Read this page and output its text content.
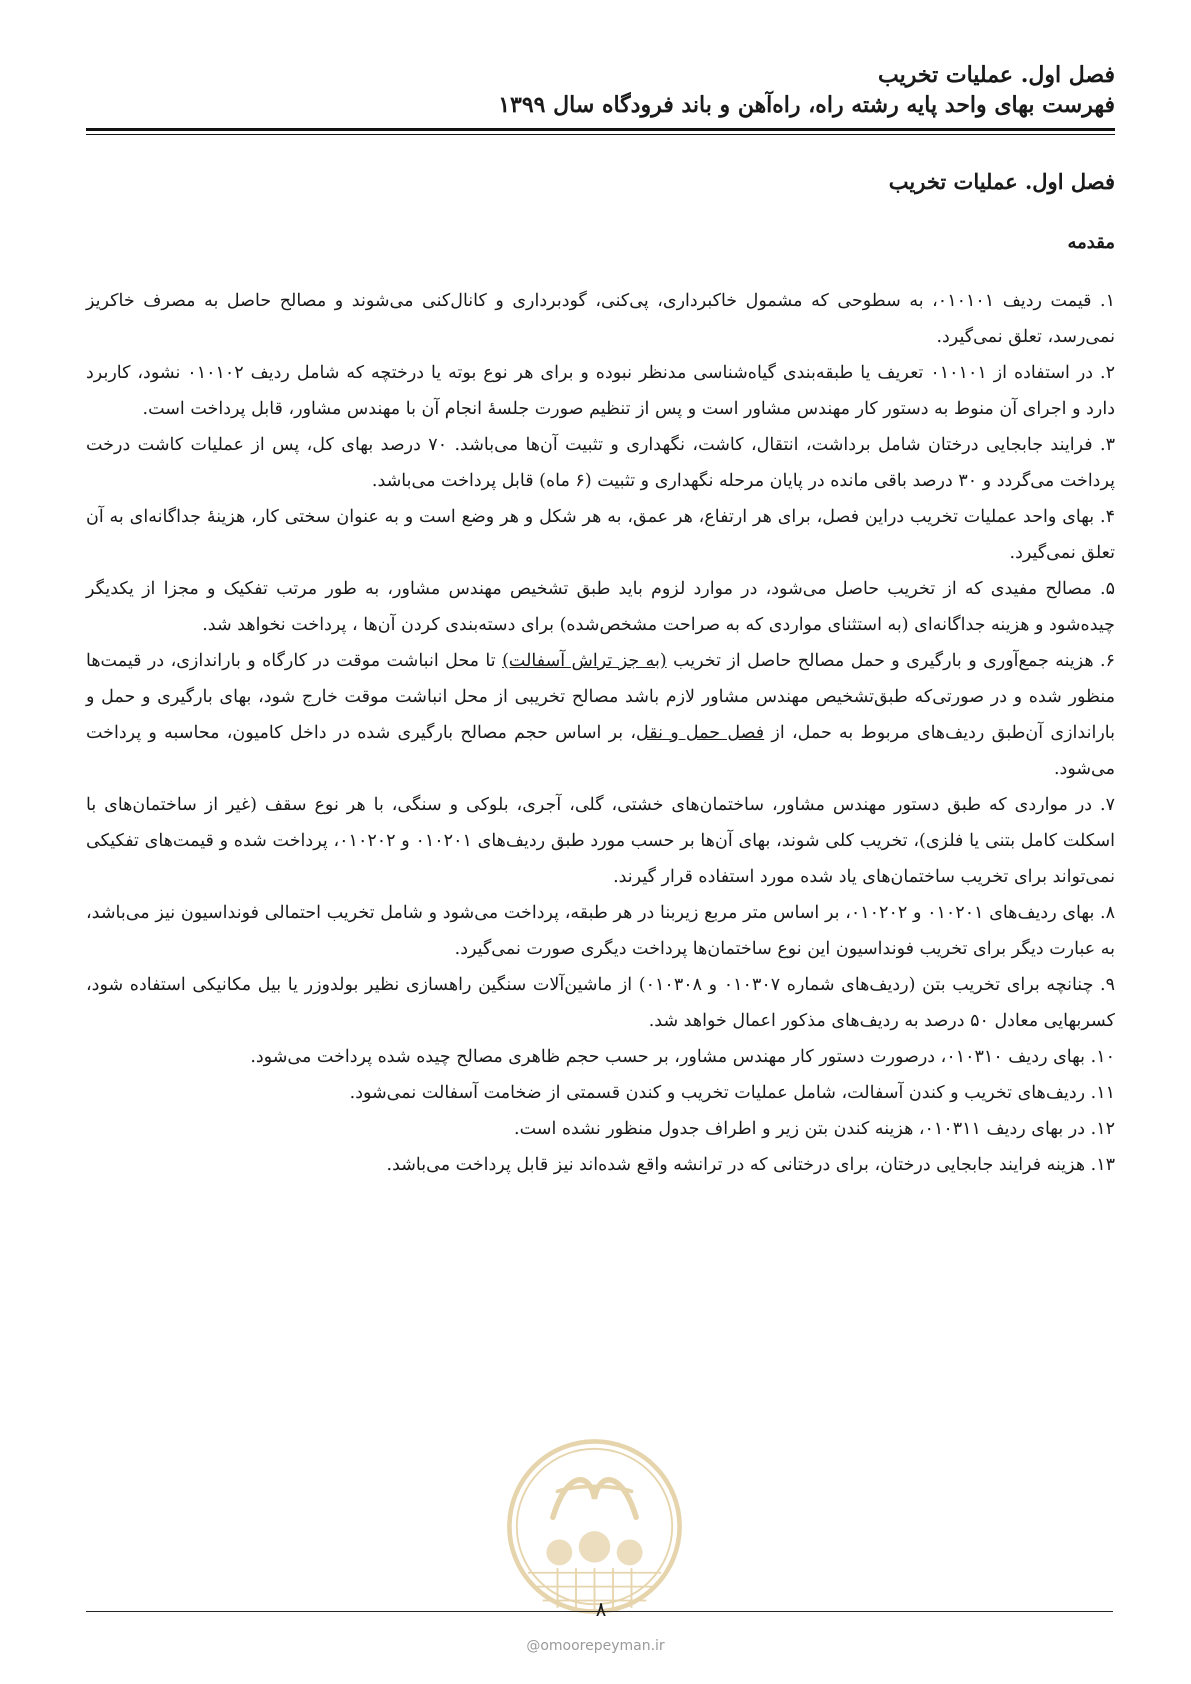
فصل اول. عملیات تخریب
فهرست بهای واحد پایه رشته راه، راه‌آهن و باند فرودگاه سال ۱۳۹۹
فصل اول. عملیات تخریب
مقدمه

۱. قیمت ردیف ۰۱۰۱۰۱، به سطوحی که مشمول خاکبرداری، پی‌کنی، گودبرداری و کانال‌کنی می‌شوند و مصالح حاصل به مصرف خاکریز نمی‌رسد، تعلق نمی‌گیرد.

۲. در استفاده از ۰۱۰۱۰۱ تعریف یا طبقه‌بندی گیاه‌شناسی مدنظر نبوده و برای هر نوع بوته یا درختچه که شامل ردیف ۰۱۰۱۰۲ نشود، کاربرد دارد و اجرای آن منوط به دستور کار مهندس مشاور است و پس از تنظیم صورت جلسهٔ انجام آن با مهندس مشاور، قابل پرداخت است.

۳. فرایند جابجایی درختان شامل برداشت، انتقال، کاشت، نگهداری و تثبیت آن‌ها می‌باشد. ۷۰ درصد بهای کل، پس از عملیات کاشت درخت پرداخت می‌گردد و ۳۰ درصد باقی مانده در پایان مرحله نگهداری و تثبیت (۶ ماه) قابل پرداخت می‌باشد.

۴. بهای واحد عملیات تخریب دراین فصل، برای هر ارتفاع، هر عمق، به هر شکل و هر وضع است و به عنوان سختی کار، هزینهٔ جداگانه‌ای به آن تعلق نمی‌گیرد.

۵. مصالح مفیدی که از تخریب حاصل می‌شود، در موارد لزوم باید طبق تشخیص مهندس مشاور، به طور مرتب تفکیک و مجزا از یکدیگر چیده‌شود و هزینه جداگانه‌ای (به استثنای مواردی که به صراحت مشخص‌شده) برای دسته‌بندی کردن آن‌ها ، پرداخت نخواهد شد.

۶. هزینه جمع‌آوری و بارگیری و حمل مصالح حاصل از تخریب (به جز تراش آسفالت) تا محل انباشت موقت در کارگاه و باراندازی، در قیمت‌ها منظور شده و در صورتی‌که طبق‌تشخیص مهندس مشاور لازم باشد مصالح تخریبی از محل انباشت موقت خارج شود، بهای بارگیری و حمل و باراندازی آن‌طبق ردیف‌های مربوط به حمل، از فصل حمل و نقل، بر اساس حجم مصالح بارگیری شده در داخل کامیون، محاسبه و پرداخت می‌شود.

۷. در مواردی که طبق دستور مهندس مشاور، ساختمان‌های خشتی، گلی، آجری، بلوکی و سنگی، با هر نوع سقف (غیر از ساختمان‌های با اسکلت کامل بتنی یا فلزی)، تخریب کلی شوند، بهای آن‌ها بر حسب مورد طبق ردیف‌های ۰۱۰۲۰۱ و ۰۱۰۲۰۲، پرداخت شده و قیمت‌های تفکیکی نمی‌تواند برای تخریب ساختمان‌های یاد شده مورد استفاده قرار گیرند.

۸. بهای ردیف‌های ۰۱۰۲۰۱ و ۰۱۰۲۰۲، بر اساس متر مربع زیربنا در هر طبقه، پرداخت می‌شود و شامل تخریب احتمالی فونداسیون نیز می‌باشد، به عبارت دیگر برای تخریب فونداسیون این نوع ساختمان‌ها پرداخت دیگری صورت نمی‌گیرد.

۹. چنانچه برای تخریب بتن (ردیف‌های شماره ۰۱۰۳۰۷ و ۰۱۰۳۰۸) از ماشین‌آلات سنگین راهسازی نظیر بولدوزر یا بیل مکانیکی استفاده شود، کسربهایی معادل ۵۰ درصد به ردیف‌های مذکور اعمال خواهد شد.

۱۰. بهای ردیف ۰۱۰۳۱۰، درصورت دستور کار مهندس مشاور، بر حسب حجم ظاهری مصالح چیده شده پرداخت می‌شود.

۱۱. ردیف‌های تخریب و کندن آسفالت، شامل عملیات تخریب و کندن قسمتی از ضخامت آسفالت نمی‌شود.

۱۲. در بهای ردیف ۰۱۰۳۱۱، هزینه کندن بتن زیر و اطراف جدول منظور نشده است.

۱۳. هزینه فرایند جابجایی درختان، برای درختانی که در ترانشه واقع شده‌اند نیز قابل پرداخت می‌باشد.

۸
@omoorepeyman.ir
